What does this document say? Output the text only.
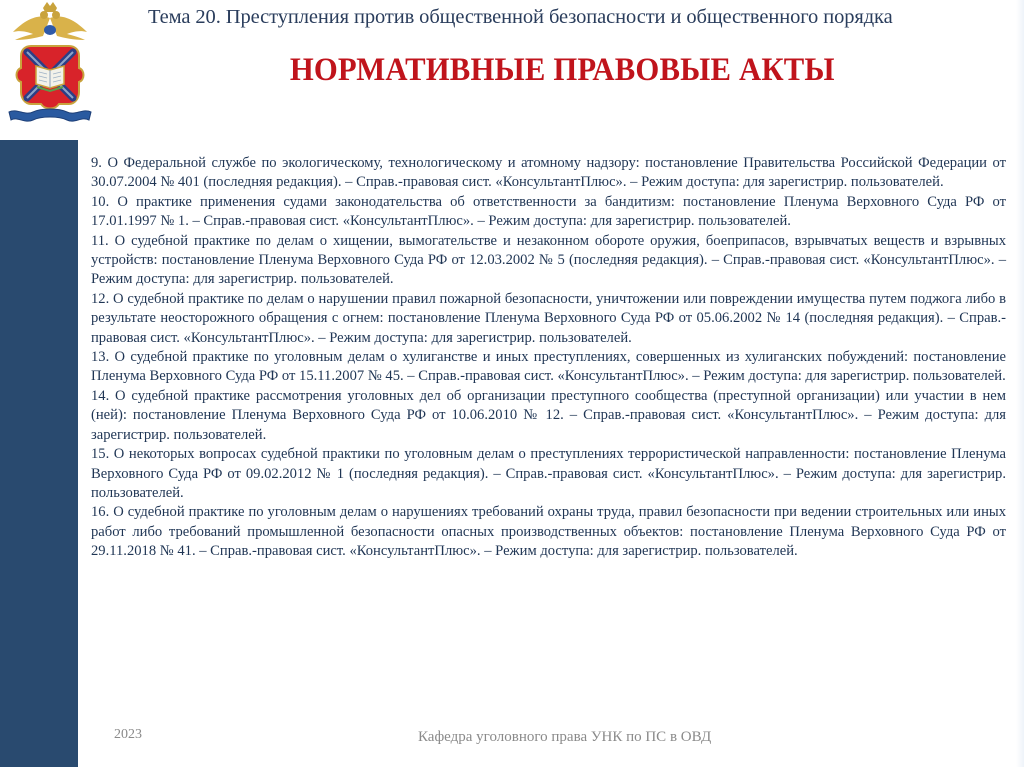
Тема 20. Преступления против общественной безопасности и общественного порядка
НОРМАТИВНЫЕ ПРАВОВЫЕ АКТЫ

9. О Федеральной службе по экологическому, технологическому и атомному надзору: постановление Правительства Российской Федерации от 30.07.2004 № 401 (последняя редакция). – Справ.-правовая сист. «КонсультантПлюс». – Режим доступа: для зарегистрир. пользователей.

10. О практике применения судами законодательства об ответственности за бандитизм: постановление Пленума Верховного Суда РФ от 17.01.1997 № 1. – Справ.-правовая сист. «КонсультантПлюс». – Режим доступа: для зарегистрир. пользователей.

11. О судебной практике по делам о хищении, вымогательстве и незаконном обороте оружия, боеприпасов, взрывчатых веществ и взрывных устройств: постановление Пленума Верховного Суда РФ от 12.03.2002 № 5 (последняя редакция). – Справ.-правовая сист. «КонсультантПлюс». – Режим доступа: для зарегистрир. пользователей.

12. О судебной практике по делам о нарушении правил пожарной безопасности, уничтожении или повреждении имущества путем поджога либо в результате неосторожного обращения с огнем: постановление Пленума Верховного Суда РФ от 05.06.2002 № 14 (последняя редакция). – Справ.-правовая сист. «КонсультантПлюс». – Режим доступа: для зарегистрир. пользователей.

13. О судебной практике по уголовным делам о хулиганстве и иных преступлениях, совершенных из хулиганских побуждений: постановление Пленума Верховного Суда РФ от 15.11.2007 № 45. – Справ.-правовая сист. «КонсультантПлюс». – Режим доступа: для зарегистрир. пользователей.

14. О судебной практике рассмотрения уголовных дел об организации преступного сообщества (преступной организации) или участии в нем (ней): постановление Пленума Верховного Суда РФ от 10.06.2010 № 12. – Справ.-правовая сист. «КонсультантПлюс». – Режим доступа: для зарегистрир. пользователей.

15. О некоторых вопросах судебной практики по уголовным делам о преступлениях террористической направленности: постановление Пленума Верховного Суда РФ от 09.02.2012 № 1 (последняя редакция). – Справ.-правовая сист. «КонсультантПлюс». – Режим доступа: для зарегистрир. пользователей.

16. О судебной практике по уголовным делам о нарушениях требований охраны труда, правил безопасности при ведении строительных или иных работ либо требований промышленной безопасности опасных производственных объектов: постановление Пленума Верховного Суда РФ от 29.11.2018 № 41. – Справ.-правовая сист. «КонсультантПлюс». – Режим доступа: для зарегистрир. пользователей.

2023	Кафедра уголовного права УНК по ПС в ОВД
